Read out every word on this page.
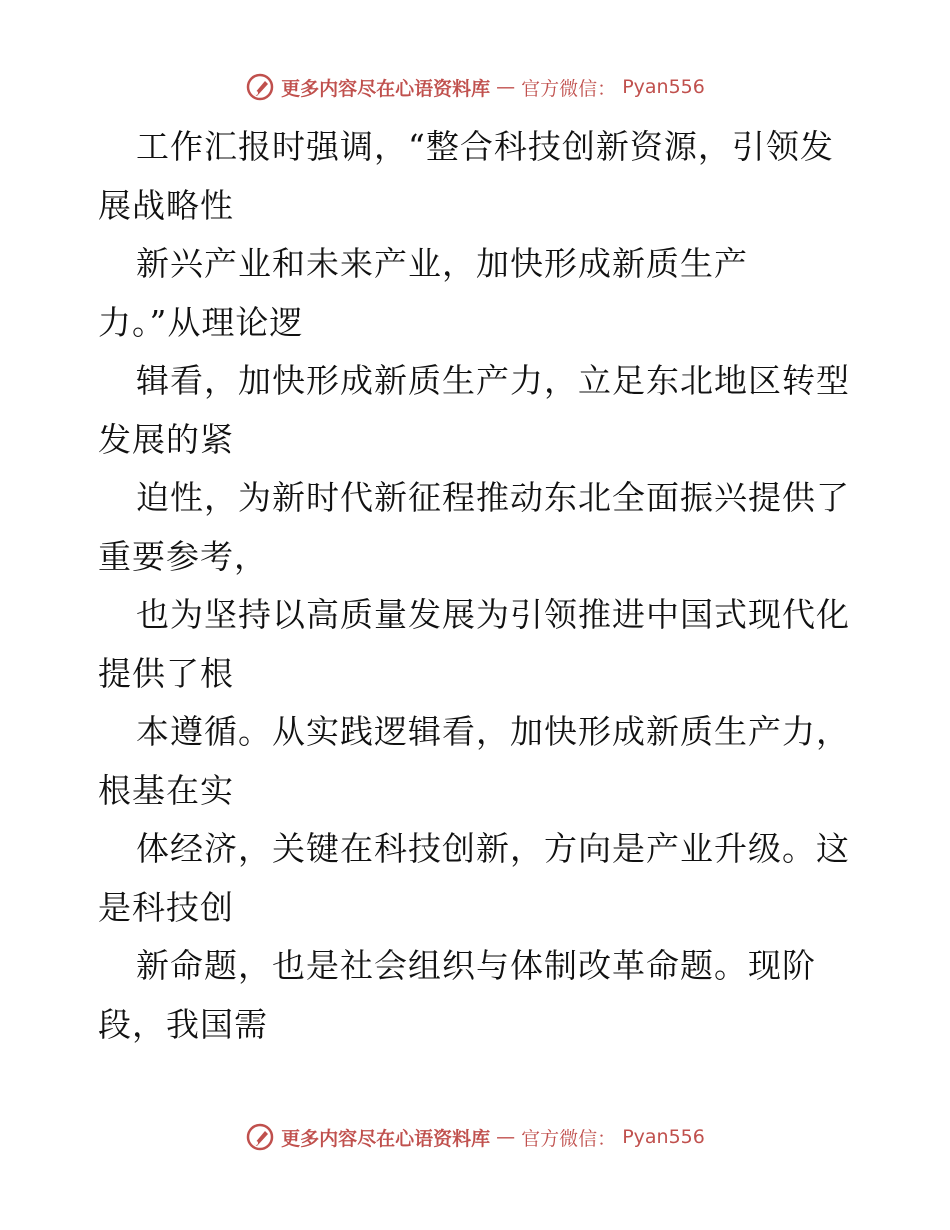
更多内容尽在心语资料库 — 官方微信： Pyan556
工作汇报时强调，“整合科技创新资源，引领发
展战略性
新兴产业和未来产业，加快形成新质生产
力。”从理论逻
辑看，加快形成新质生产力，立足东北地区转型
发展的紧
迫性，为新时代新征程推动东北全面振兴提供了
重要参考，
也为坚持以高质量发展为引领推进中国式现代化
提供了根
本遵循。从实践逻辑看，加快形成新质生产力，
根基在实
体经济，关键在科技创新，方向是产业升级。这
是科技创
新命题，也是社会组织与体制改革命题。现阶
段，我国需
更多内容尽在心语资料库 — 官方微信： Pyan556
